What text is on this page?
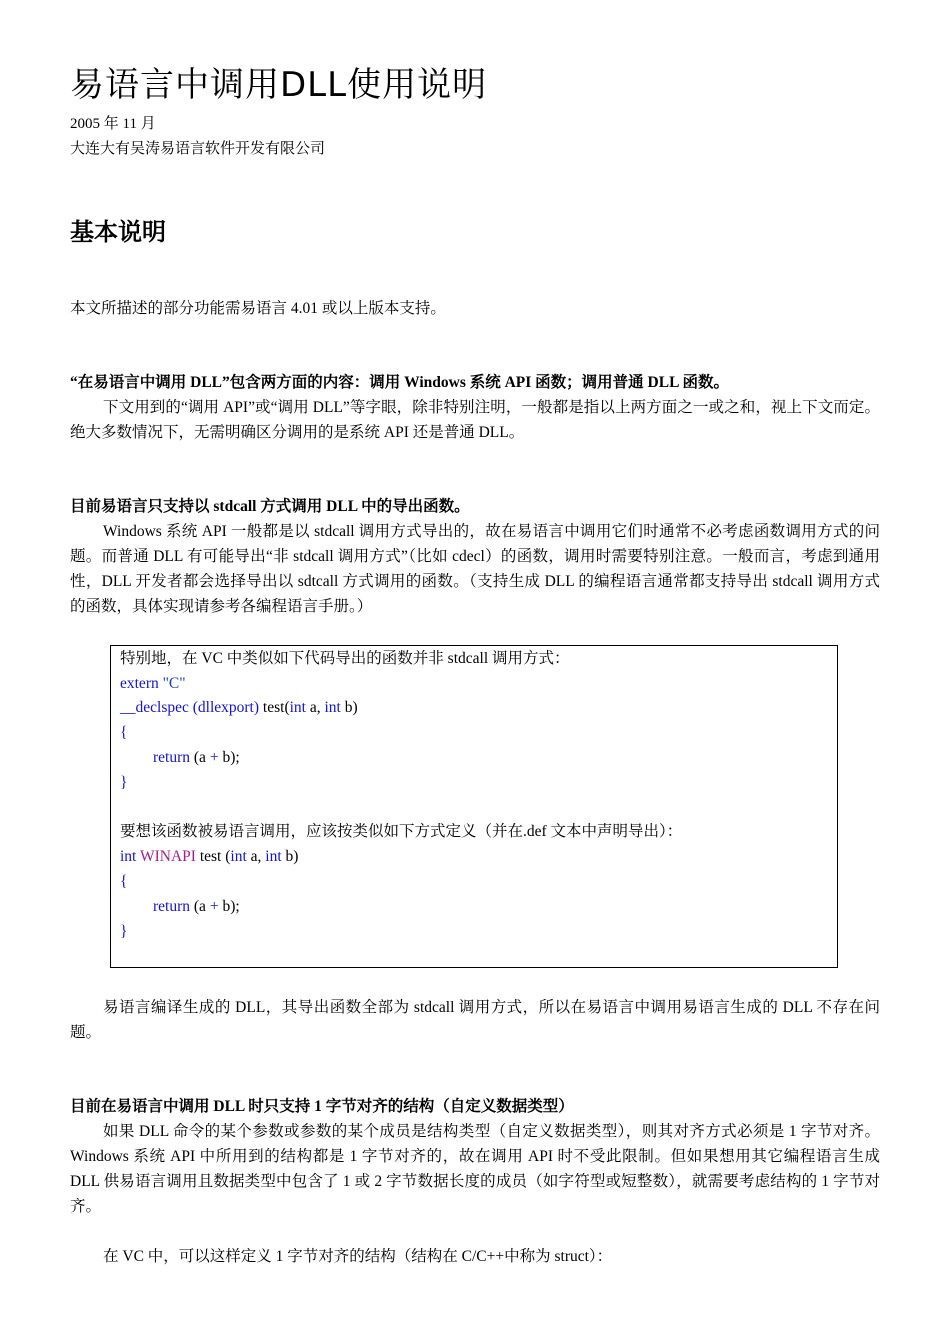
易语言中调用DLL使用说明
2005 年 11 月
大连大有吴涛易语言软件开发有限公司
基本说明
本文所描述的部分功能需易语言 4.01 或以上版本支持。
“在易语言中调用 DLL”包含两方面的内容：调用 Windows 系统 API 函数；调用普通 DLL 函数。
下文用到的“调用 API”或“调用 DLL”等字眼，除非特别注明，一般都是指以上两方面之一或之和，视上下文而定。绝大多数情况下，无需明确区分调用的是系统 API 还是普通 DLL。
目前易语言只支持以 stdcall 方式调用 DLL 中的导出函数。
Windows 系统 API 一般都是以 stdcall 调用方式导出的，故在易语言中调用它们时通常不必考虑函数调用方式的问题。而普通 DLL 有可能导出“非 stdcall 调用方式”（比如 cdecl）的函数，调用时需要特别注意。一般而言，考虑到通用性，DLL 开发者都会选择导出以 sdtcall 方式调用的函数。（支持生成 DLL 的编程语言通常都支持导出 stdcall 调用方式的函数，具体实现请参考各编程语言手册。）
特别地，在 VC 中类似如下代码导出的函数并非 stdcall 调用方式：
extern "C"
__declspec (dllexport) test(int a, int b)
{
return (a + b);
}
要想该函数被易语言调用，应该按类似如下方式定义（并在.def 文本中声明导出）：
int WINAPI test (int a, int b)
{
return (a + b);
}
易语言编译生成的 DLL，其导出函数全部为 stdcall 调用方式，所以在易语言中调用易语言生成的 DLL 不存在问题。
目前在易语言中调用 DLL 时只支持 1 字节对齐的结构（自定义数据类型）
如果 DLL 命令的某个参数或参数的某个成员是结构类型（自定义数据类型），则其对齐方式必须是 1 字节对齐。Windows 系统 API 中所用到的结构都是 1 字节对齐的，故在调用 API 时不受此限制。但如果想用其它编程语言生成 DLL 供易语言调用且数据类型中包含了 1 或 2 字节数据长度的成员（如字符型或短整数），就需要考虑结构的 1 字节对齐。
在 VC 中，可以这样定义 1 字节对齐的结构（结构在 C/C++中称为 struct）：
